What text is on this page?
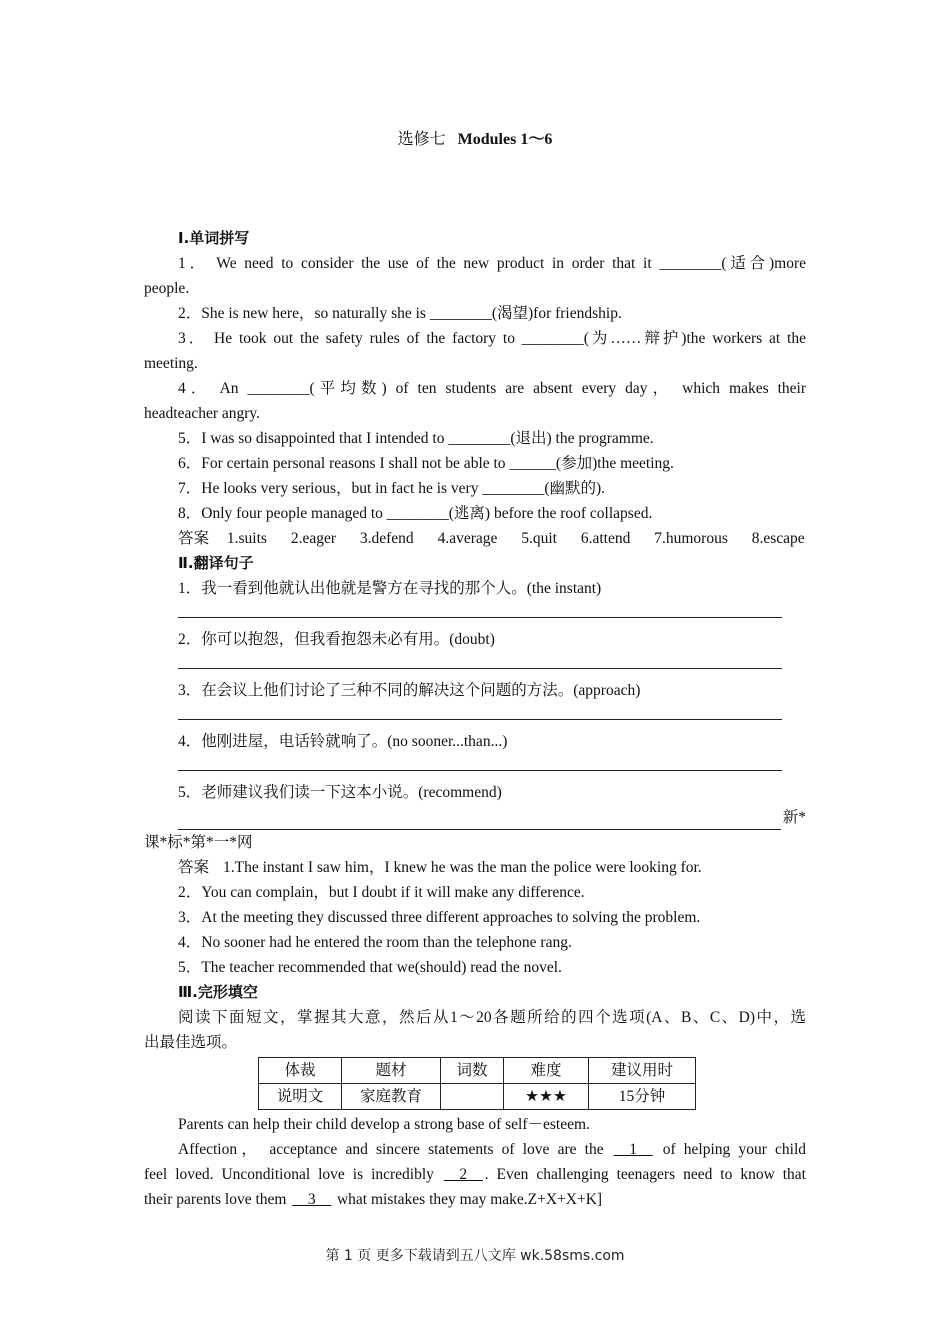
选修七 Modules 1～6

Ⅰ.单词拼写

1． We need to consider the use of the new product in order that it ________(适合)more

people.

2．She is new here，so naturally she is ________(渴望)for friendship.

3． He took out the safety rules of the factory to ________(为……辩护)the workers at the

meeting.

4． An ________(平均数) of ten students are absent every day， which makes their

headteacher angry.

5．I was so disappointed that I intended to ________(退出) the programme.

6．For certain personal reasons I shall not be able to ______(参加)the meeting.

7．He looks very serious，but in fact he is very ________(幽默的).

8．Only four people managed to ________(逃离) before the roof collapsed.

答案 1.suits 2.eager 3.defend 4.average 5.quit 6.attend 7.humorous 8.escape

Ⅱ.翻译句子

1．我一看到他就认出他就是警方在寻找的那个人。(the instant)

2．你可以抱怨，但我看抱怨未必有用。(doubt)

3．在会议上他们讨论了三种不同的解决这个问题的方法。(approach)

4．他刚进屋，电话铃就响了。(no sooner...than...)

5．老师建议我们读一下这本小说。(recommend)

新*

课*标*第*一*网

答案 1.The instant I saw him，I knew he was the man the police were looking for.

2．You can complain，but I doubt if it will make any difference.

3．At the meeting they discussed three different approaches to solving the problem.

4．No sooner had he entered the room than the telephone rang.

5．The teacher recommended that we(should) read the novel.

Ⅲ.完形填空

阅读下面短文，掌握其大意，然后从1～20各题所给的四个选项(A、B、C、D)中，选

出最佳选项。

体裁	题材	词数	难度	建议用时
说明文	家庭教育		★★★	15分钟

Parents can help their child develop a strong base of self－esteem.

Affection， acceptance and sincere statements of love are the __1__ of helping your child

feel loved. Unconditional love is incredibly __2__ . Even challenging teenagers need to know that

their parents love them __3__ what mistakes they may make.Z+X+X+K]

第 1 页 更多下载请到五八文库 wk.58sms.com
